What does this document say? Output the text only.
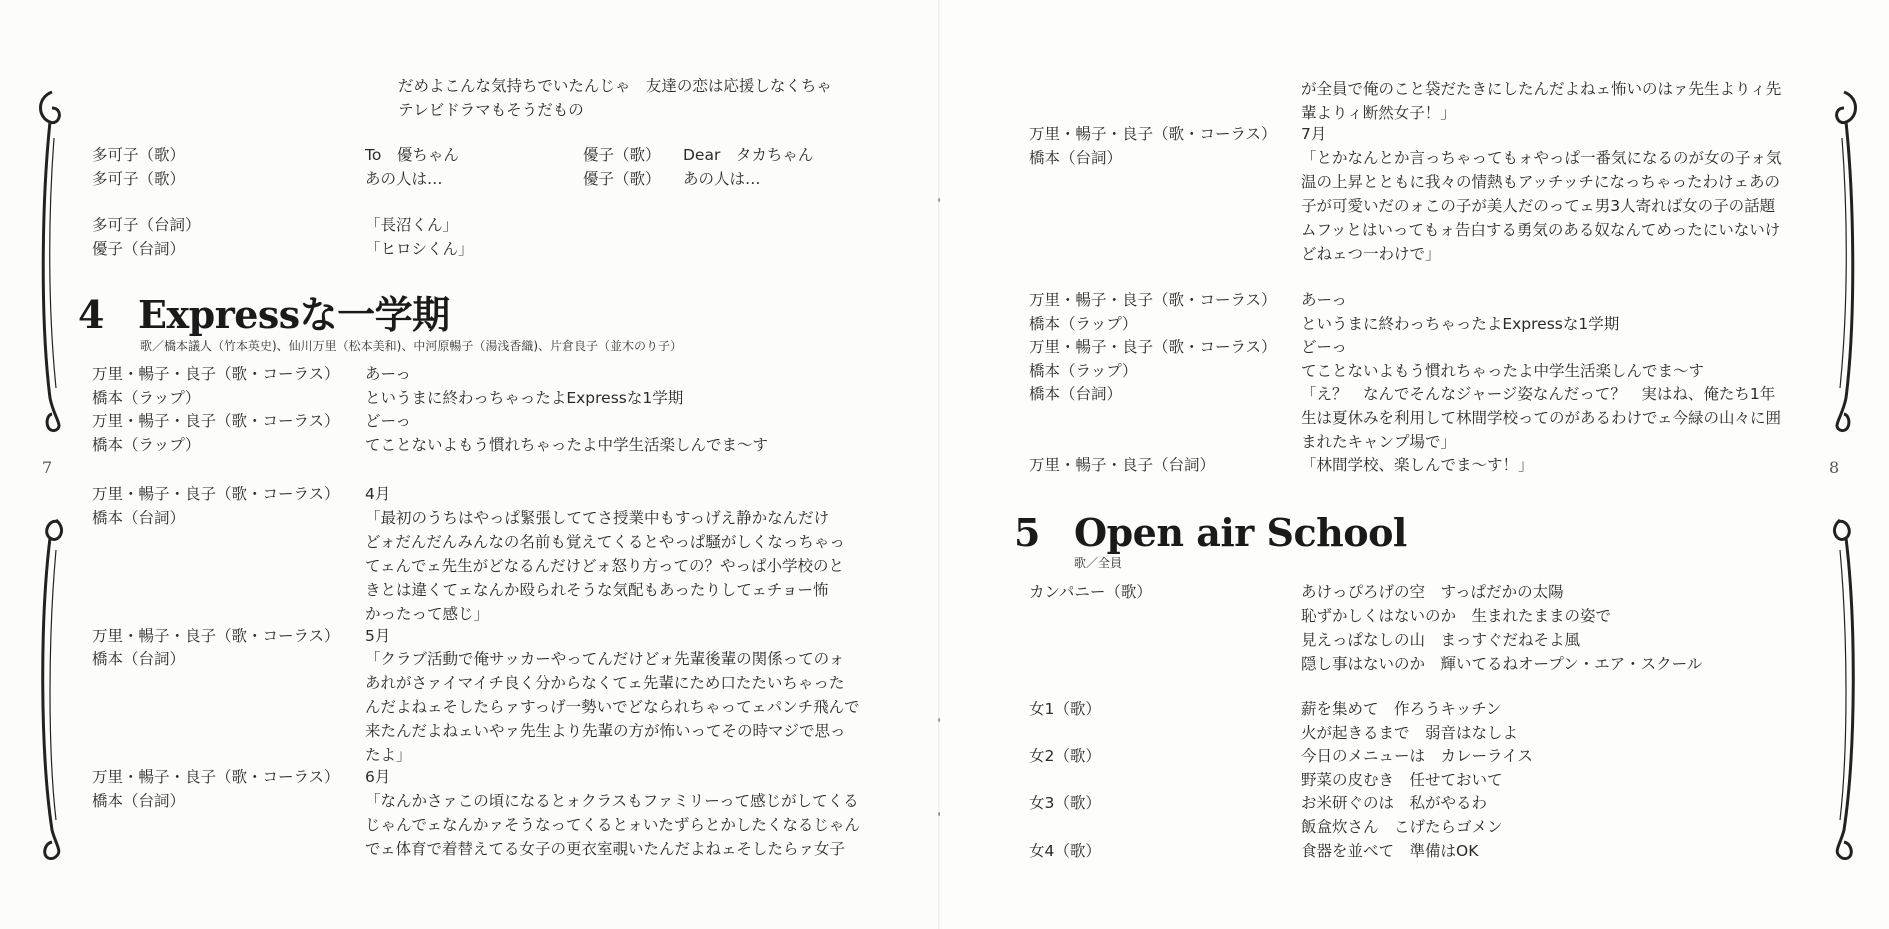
7
だめよこんな気持ちでいたんじゃ　友達の恋は応援しなくちゃ
テレビドラマもそうだもの
多可子（歌）	To　優ちゃん	優子（歌） Dear　タカちゃん
多可子（歌）	あの人は…	優子（歌） あの人は…
多可子（台詞）	「長沼くん」
優子（台詞）	「ヒロシくん」
4 Expressな一学期
歌／橋本議人（竹本英史)、仙川万里（松本美和)、中河原暢子（湯浅香織)、片倉良子（並木のり子）
万里・暢子・良子（歌・コーラス） あーっ
橋本（ラップ）	というまに終わっちゃったよExpressな1学期
万里・暢子・良子（歌・コーラス） どーっ
橋本（ラップ）	てことないよもう慣れちゃったよ中学生活楽しんでま～す
万里・暢子・良子（歌・コーラス） 4月
橋本（台詞）	「最初のうちはやっぱ緊張しててさ授業中もすっげえ静かなんだけ
どォだんだんみんなの名前も覚えてくるとやっぱ騒がしくなっちゃっ
てェんでェ先生がどなるんだけどォ怒り方っての？やっぱ小学校のと
きとは違くてェなんか殴られそうな気配もあったりしてェチョー怖
かったって感じ」
万里・暢子・良子（歌・コーラス） 5月
橋本（台詞）	「クラブ活動で俺サッカーやってんだけどォ先輩後輩の関係ってのォ
あれがさァイマイチ良く分からなくてェ先輩にため口たたいちゃった
んだよねェそしたらァすっげ一勢いでどなられちゃってェパンチ飛んで
来たんだよねェいやァ先生より先輩の方が怖いってその時マジで思っ
たよ」
万里・暢子・良子（歌・コーラス） 6月
橋本（台詞）	「なんかさァこの頃になるとォクラスもファミリーって感じがしてくる
じゃんでェなんかァそうなってくるとォいたずらとかしたくなるじゃん
でェ体育で着替えてる女子の更衣室覗いたんだよねェそしたらァ女子
8
が全員で俺のこと袋だたきにしたんだよねェ怖いのはァ先生よりィ先
輩よりィ断然女子！」
万里・暢子・良子（歌・コーラス） 7月
橋本（台詞）	「とかなんとか言っちゃってもォやっぱ一番気になるのが女の子ォ気
温の上昇とともに我々の情熱もアッチッチになっちゃったわけェあの
子が可愛いだのォこの子が美人だのってェ男3人寄れば女の子の話題
ムフッとはいってもォ告白する勇気のある奴なんてめったにいないけ
どねェつ一わけで」
万里・暢子・良子（歌・コーラス） あーっ
橋本（ラップ）	というまに終わっちゃったよExpressな1学期
万里・暢子・良子（歌・コーラス） どーっ
橋本（ラップ）	てことないよもう慣れちゃったよ中学生活楽しんでま～す
橋本（台詞）	「え？　なんでそんなジャージ姿なんだって？　実はね、俺たち1年
生は夏休みを利用して林間学校ってのがあるわけでェ今緑の山々に囲
まれたキャンプ場で」
万里・暢子・良子（台詞）	「林間学校、楽しんでま～す！」
5 Open air School
歌／全員
カンパニー（歌）	あけっぴろげの空　すっぱだかの太陽
恥ずかしくはないのか　生まれたままの姿で
見えっぱなしの山　まっすぐだねそよ風
隠し事はないのか　輝いてるねオープン・エア・スクール
女1（歌）	薪を集めて　作ろうキッチン
火が起きるまで　弱音はなしよ
女2（歌）	今日のメニューは　カレーライス
野菜の皮むき　任せておいて
女3（歌）	お米研ぐのは　私がやるわ
飯盒炊さん　こげたらゴメン
女4（歌）	食器を並べて　準備はOK
